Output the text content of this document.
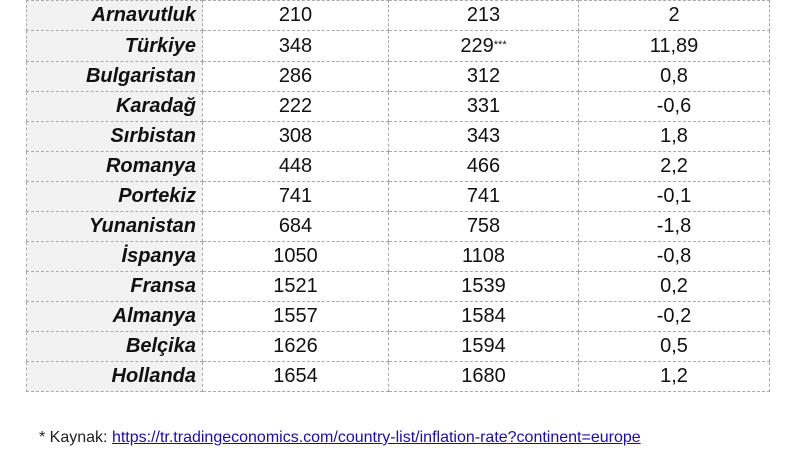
Arnavutluk	210	213	2
Türkiye	348	229***	11,89
Bulgaristan	286	312	0,8
Karadağ	222	331	-0,6
Sırbistan	308	343	1,8
Romanya	448	466	2,2
Portekiz	741	741	-0,1
Yunanistan	684	758	-1,8
İspanya	1050	1108	-0,8
Fransa	1521	1539	0,2
Almanya	1557	1584	-0,2
Belçika	1626	1594	0,5
Hollanda	1654	1680	1,2
* Kaynak: https://tr.tradingeconomics.com/country-list/inflation-rate?continent=europe
